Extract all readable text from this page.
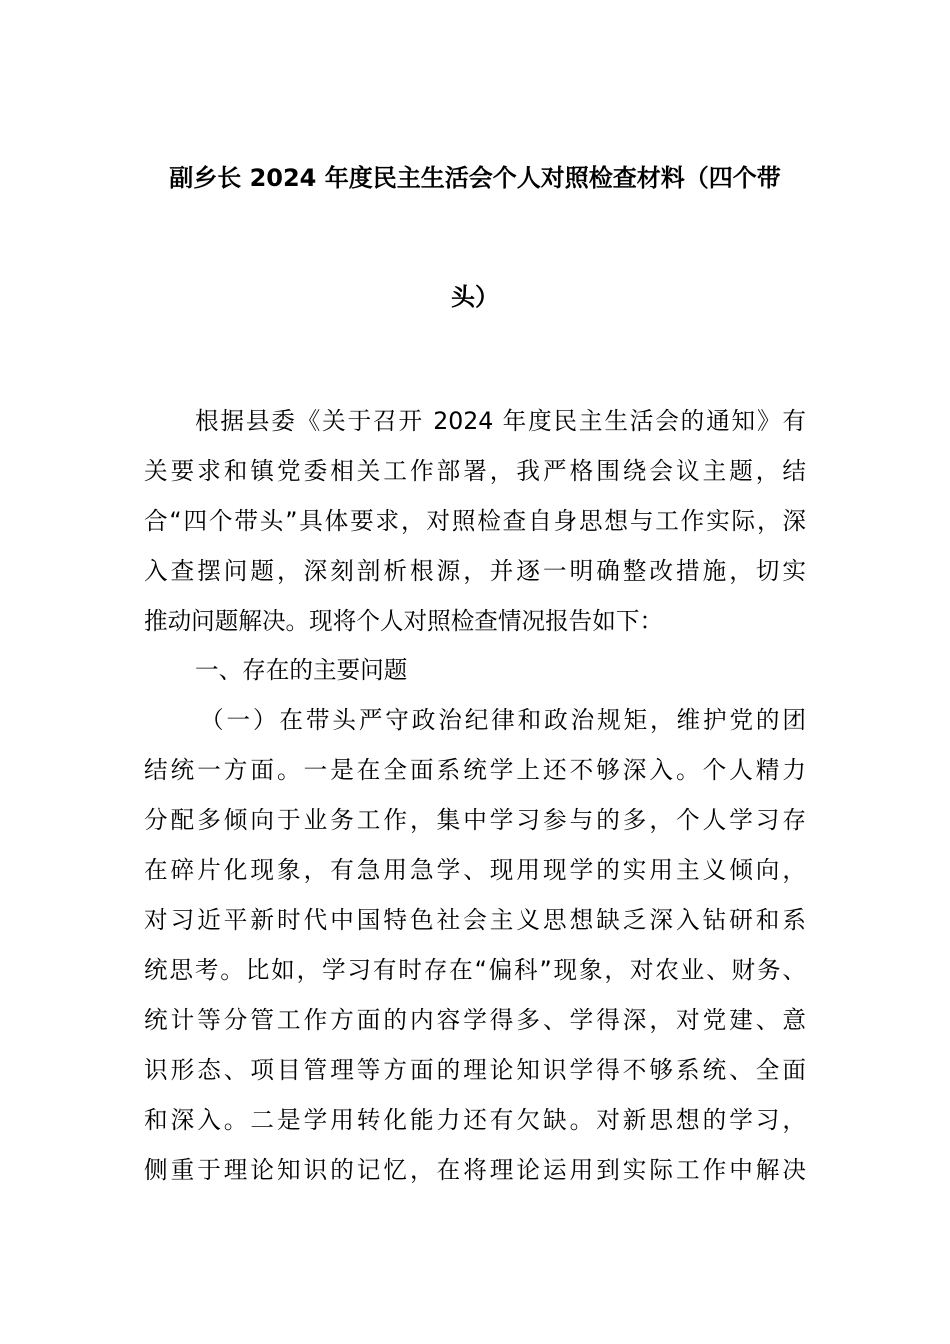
副乡长 2024 年度民主生活会个人对照检查材料（四个带
头）
根据县委《关于召开 2024 年度民主生活会的通知》有
关要求和镇党委相关工作部署，我严格围绕会议主题，结
合“四个带头”具体要求，对照检查自身思想与工作实际，深
入查摆问题，深刻剖析根源，并逐一明确整改措施，切实
推动问题解决。现将个人对照检查情况报告如下：
一、存在的主要问题
（一）在带头严守政治纪律和政治规矩，维护党的团
结统一方面。一是在全面系统学上还不够深入。个人精力
分配多倾向于业务工作，集中学习参与的多，个人学习存
在碎片化现象，有急用急学、现用现学的实用主义倾向，
对习近平新时代中国特色社会主义思想缺乏深入钻研和系
统思考。比如，学习有时存在“偏科”现象，对农业、财务、
统计等分管工作方面的内容学得多、学得深，对党建、意
识形态、项目管理等方面的理论知识学得不够系统、全面
和深入。二是学用转化能力还有欠缺。对新思想的学习，
侧重于理论知识的记忆，在将理论运用到实际工作中解决
